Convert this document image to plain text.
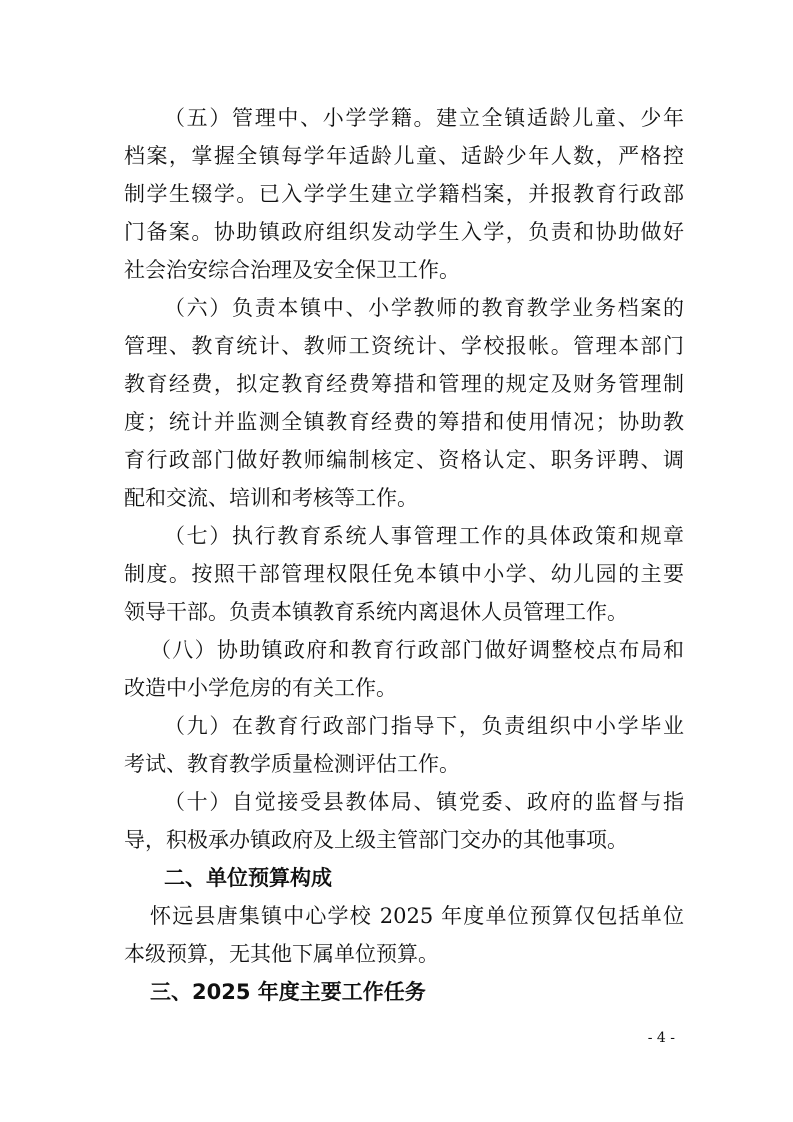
（五）管理中、小学学籍。建立全镇适龄儿童、少年
档案，掌握全镇每学年适龄儿童、适龄少年人数，严格控
制学生辍学。已入学学生建立学籍档案，并报教育行政部
门备案。协助镇政府组织发动学生入学，负责和协助做好
社会治安综合治理及安全保卫工作。
（六）负责本镇中、小学教师的教育教学业务档案的
管理、教育统计、教师工资统计、学校报帐。管理本部门
教育经费，拟定教育经费筹措和管理的规定及财务管理制
度；统计并监测全镇教育经费的筹措和使用情况；协助教
育行政部门做好教师编制核定、资格认定、职务评聘、调
配和交流、培训和考核等工作。
（七）执行教育系统人事管理工作的具体政策和规章
制度。按照干部管理权限任免本镇中小学、幼儿园的主要
领导干部。负责本镇教育系统内离退休人员管理工作。
（八）协助镇政府和教育行政部门做好调整校点布局和
改造中小学危房的有关工作。
（九）在教育行政部门指导下，负责组织中小学毕业
考试、教育教学质量检测评估工作。
（十）自觉接受县教体局、镇党委、政府的监督与指
导，积极承办镇政府及上级主管部门交办的其他事项。
二、单位预算构成
怀远县唐集镇中心学校 2025 年度单位预算仅包括单位
本级预算，无其他下属单位预算。
三、2025 年度主要工作任务
- 4 -
